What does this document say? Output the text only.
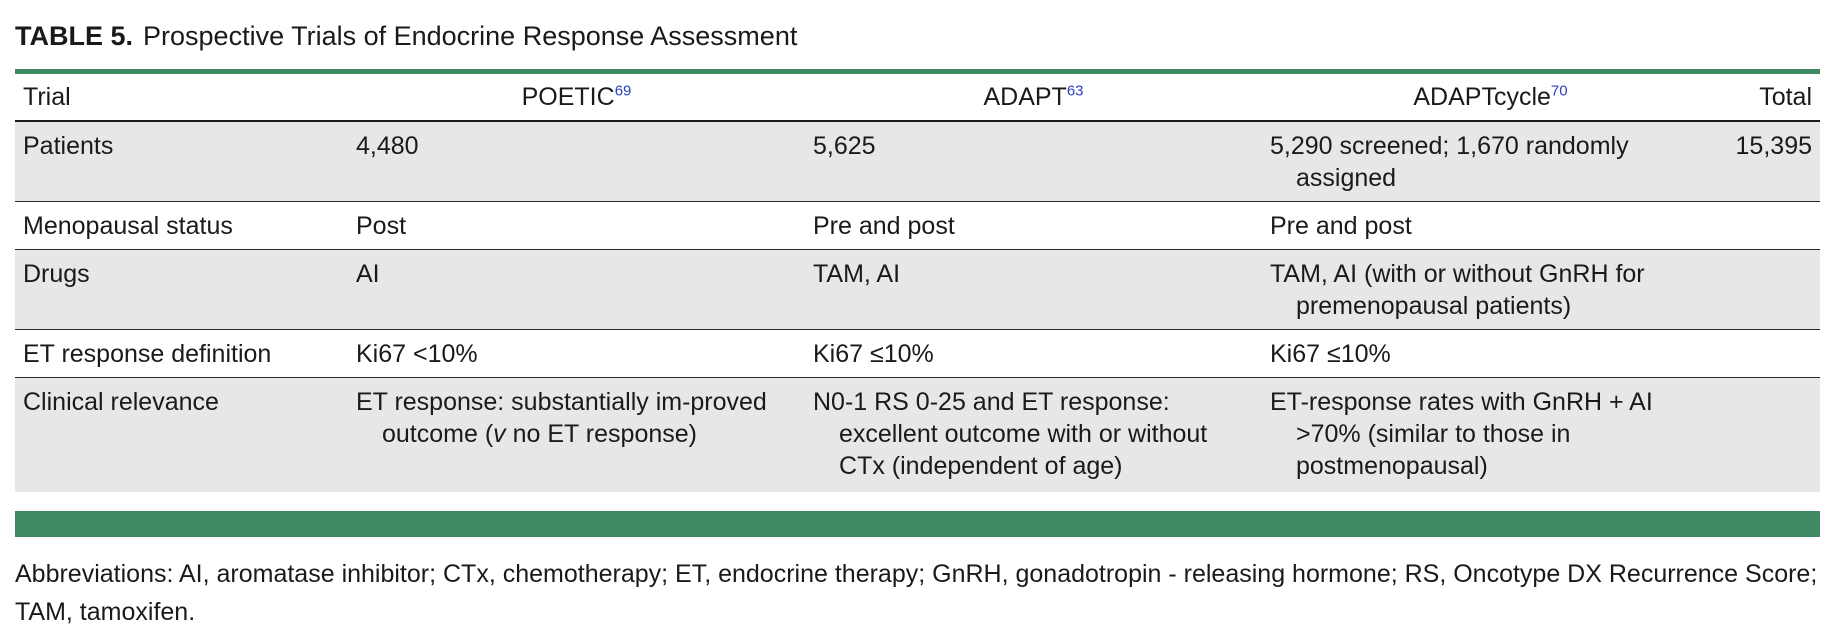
TABLE 5. Prospective Trials of Endocrine Response Assessment
Trial	POETIC$^{69}$	ADAPT$^{63}$	ADAPTcycle$^{70}$	Total
Patients	4,480	5,625	5,290 screened; 1,670 randomly assigned	15,395
Menopausal status	Post	Pre and post	Pre and post	
Drugs	AI	TAM, AI	TAM, AI (with or without GnRH for premenopausal patients)	

ET response definition	Ki67 <10%	Ki67 ≤10%	Ki67 ≤10%	
Clinical relevance	ET response: substantially im-proved outcome (v no ET response)	N0-1 RS 0-25 and ET response: excellent outcome with or without CTx (independent of age)	ET-response rates with GnRH + AI >70% (similar to those in postmenopausal)	

Abbreviations: AI, aromatase inhibitor; CTx, chemotherapy; ET, endocrine therapy; GnRH, gonadotropin - releasing hormone; RS, Oncotype DX Recurrence Score; TAM, tamoxifen.
